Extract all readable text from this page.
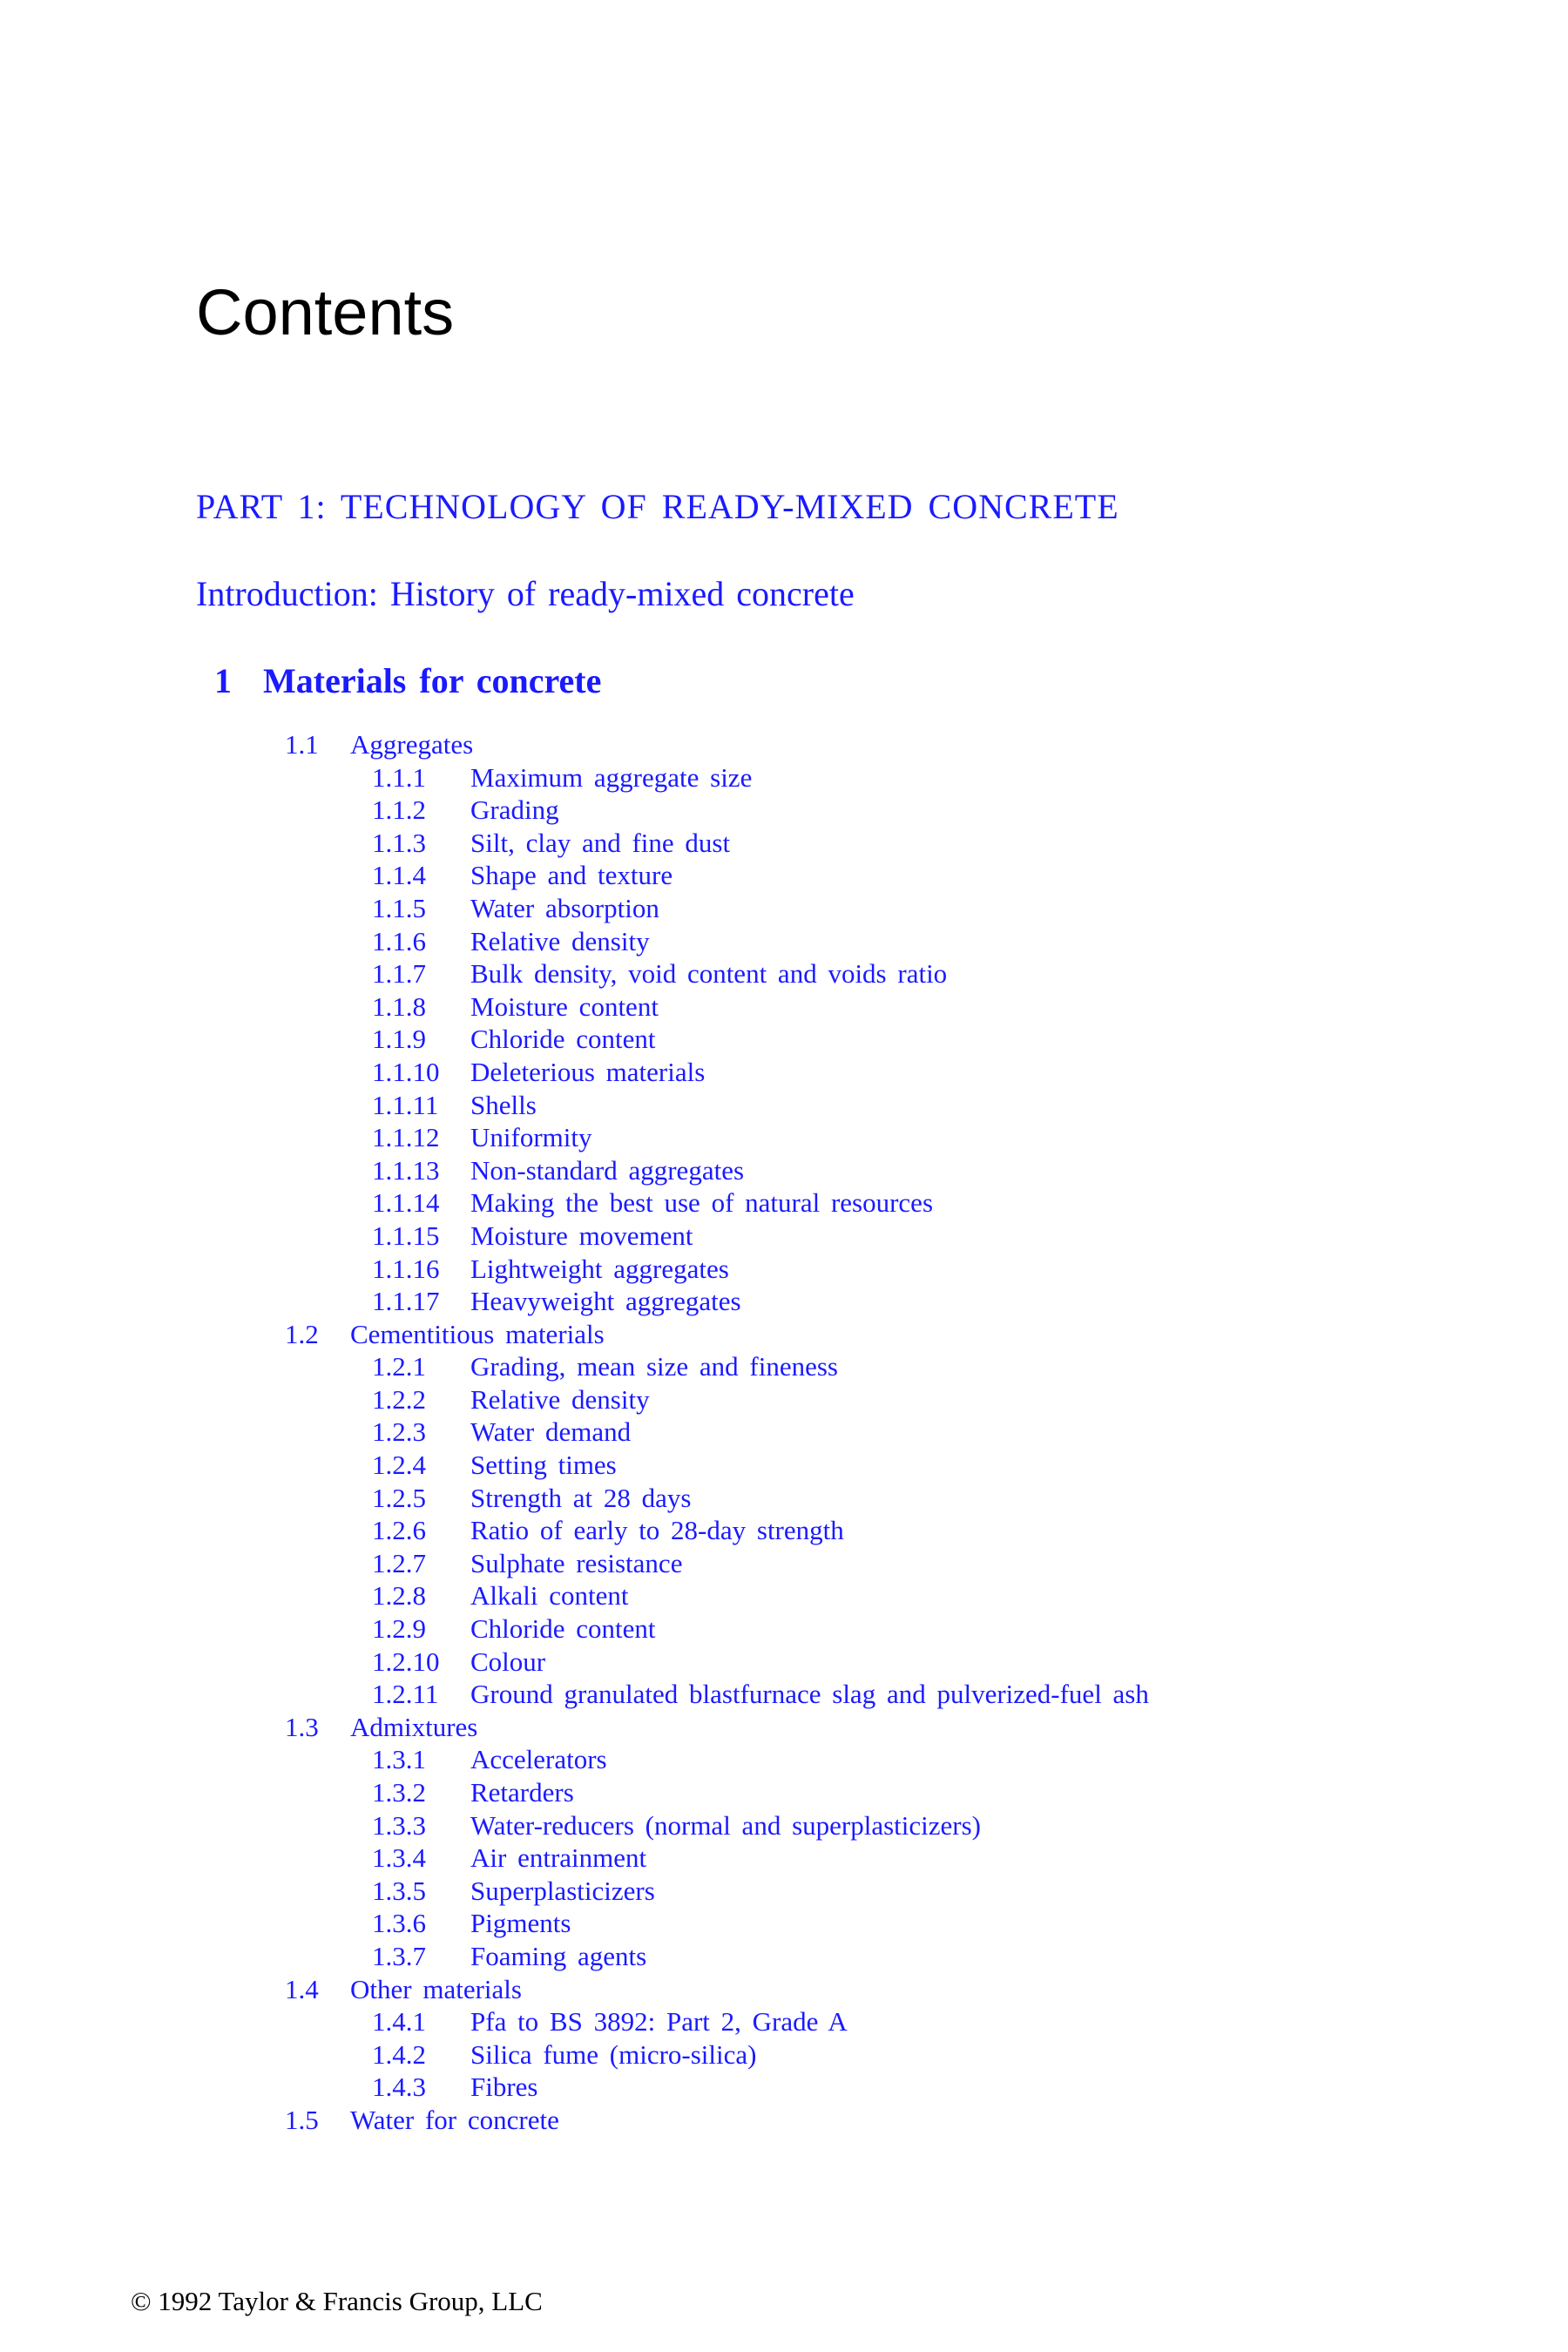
Contents
PART 1: TECHNOLOGY OF READY-MIXED CONCRETE
Introduction: History of ready-mixed concrete
1 Materials for concrete
1.1 Aggregates
1.1.1 Maximum aggregate size
1.1.2 Grading
1.1.3 Silt, clay and fine dust
1.1.4 Shape and texture
1.1.5 Water absorption
1.1.6 Relative density
1.1.7 Bulk density, void content and voids ratio
1.1.8 Moisture content
1.1.9 Chloride content
1.1.10 Deleterious materials
1.1.11 Shells
1.1.12 Uniformity
1.1.13 Non-standard aggregates
1.1.14 Making the best use of natural resources
1.1.15 Moisture movement
1.1.16 Lightweight aggregates
1.1.17 Heavyweight aggregates
1.2 Cementitious materials
1.2.1 Grading, mean size and fineness
1.2.2 Relative density
1.2.3 Water demand
1.2.4 Setting times
1.2.5 Strength at 28 days
1.2.6 Ratio of early to 28-day strength
1.2.7 Sulphate resistance
1.2.8 Alkali content
1.2.9 Chloride content
1.2.10 Colour
1.2.11 Ground granulated blastfurnace slag and pulverized-fuel ash
1.3 Admixtures
1.3.1 Accelerators
1.3.2 Retarders
1.3.3 Water-reducers (normal and superplasticizers)
1.3.4 Air entrainment
1.3.5 Superplasticizers
1.3.6 Pigments
1.3.7 Foaming agents
1.4 Other materials
1.4.1 Pfa to BS 3892: Part 2, Grade A
1.4.2 Silica fume (micro-silica)
1.4.3 Fibres
1.5 Water for concrete

© 1992 Taylor & Francis Group, LLC
